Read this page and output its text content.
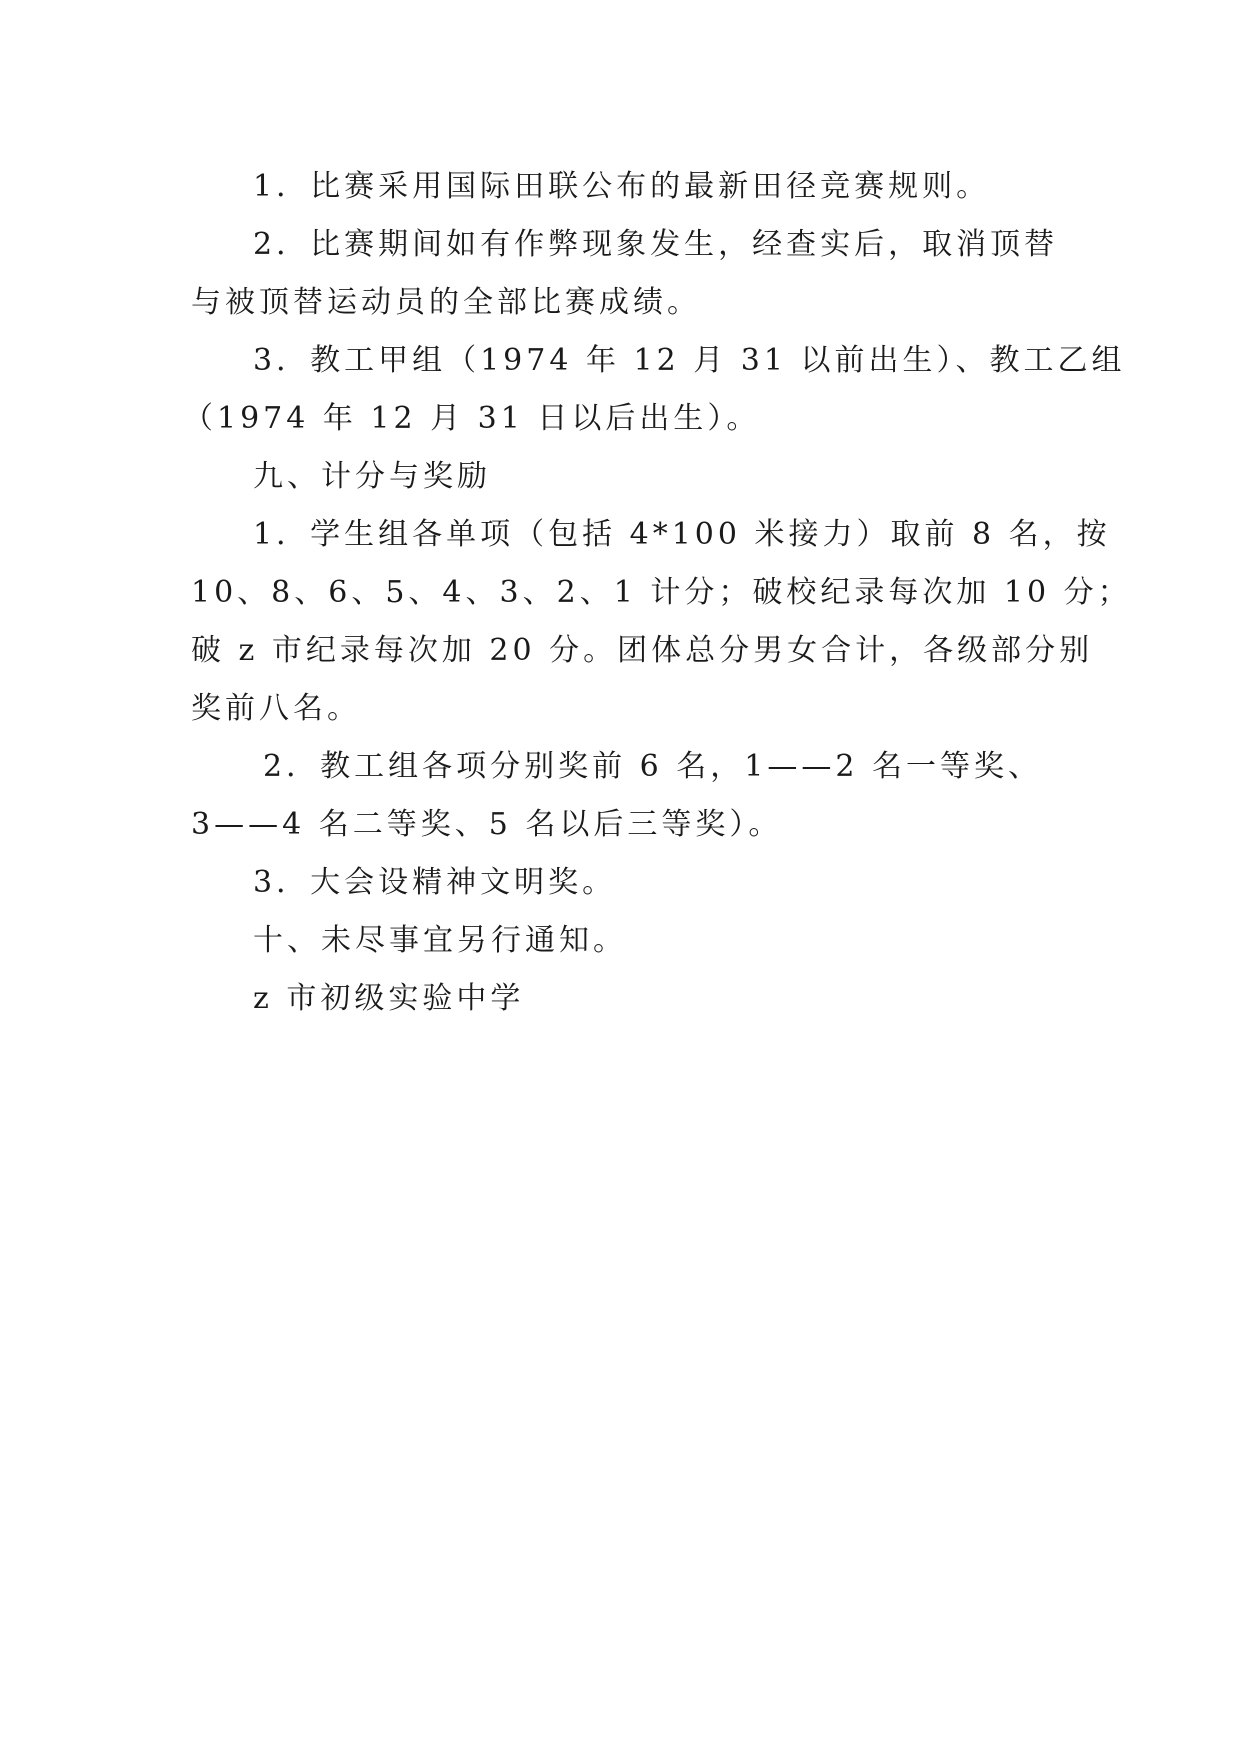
1．比赛采用国际田联公布的最新田径竞赛规则。

2．比赛期间如有作弊现象发生，经查实后，取消顶替

与被顶替运动员的全部比赛成绩。

3．教工甲组（1974 年 12 月 31 以前出生）、教工乙组

（1974 年 12 月 31 日以后出生）。

九、计分与奖励

1．学生组各单项（包括 4*100 米接力）取前 8 名，按

10、8、6、5、4、3、2、1 计分；破校纪录每次加 10 分；

破 z 市纪录每次加 20 分。团体总分男女合计，各级部分别

奖前八名。

2．教工组各项分别奖前 6 名，1——2 名一等奖、

3——4 名二等奖、5 名以后三等奖）。

3．大会设精神文明奖。

十、未尽事宜另行通知。

z 市初级实验中学
